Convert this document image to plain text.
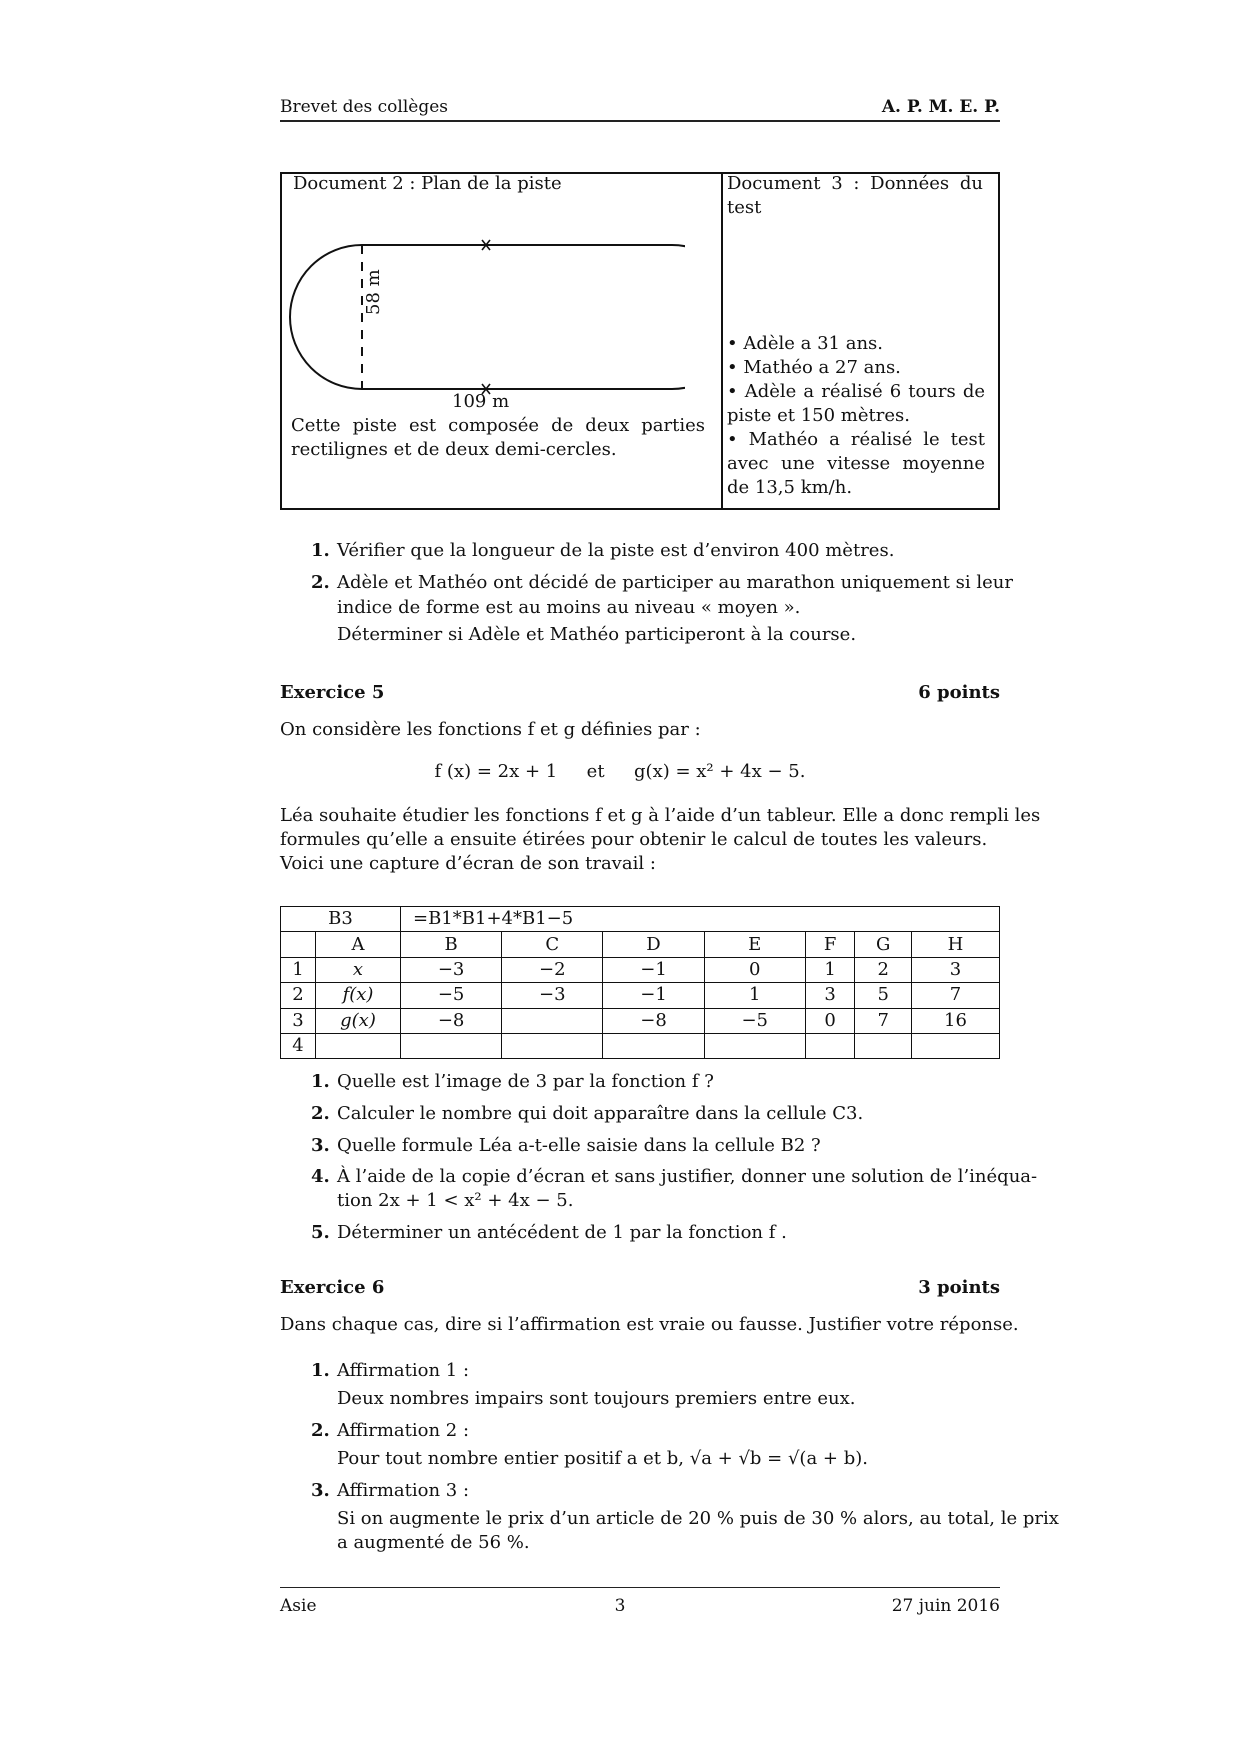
Brevet des collèges	A. P. M. E. P.
Document 2 : Plan de la piste
58 m
109 m
Cette piste est composée de deux parties rectilignes et de deux demi-cercles.
Document 3 : Données du test
• Adèle a 31 ans.
• Mathéo a 27 ans.
• Adèle a réalisé 6 tours de piste et 150 mètres.
• Mathéo a réalisé le test avec une vitesse moyenne de 13,5 km/h.
1. Vérifier que la longueur de la piste est d’environ 400 mètres.
2. Adèle et Mathéo ont décidé de participer au marathon uniquement si leur
indice de forme est au moins au niveau « moyen ».
Déterminer si Adèle et Mathéo participeront à la course.
Exercice 5	6 points
On considère les fonctions f et g définies par :
f (x) = 2x + 1 et g(x) = x² + 4x − 5.
Léa souhaite étudier les fonctions f et g à l’aide d’un tableur. Elle a donc rempli les
formules qu’elle a ensuite étirées pour obtenir le calcul de toutes les valeurs.
Voici une capture d’écran de son travail :
B3		=B1*B1+4*B1−5						
	A	B	C	D	E	F	G	H
1	x	−3	−2	−1	0	1	2	3
2	f(x)	−5	−3	−1	1	3	5	7
3	g(x)	−8		−8	−5	0	7	16
4								
1. Quelle est l’image de 3 par la fonction f ?
2. Calculer le nombre qui doit apparaître dans la cellule C3.
3. Quelle formule Léa a-t-elle saisie dans la cellule B2 ?
4. À l’aide de la copie d’écran et sans justifier, donner une solution de l’inéqua-
tion 2x + 1 < x² + 4x − 5.
5. Déterminer un antécédent de 1 par la fonction f .
Exercice 6	3 points
Dans chaque cas, dire si l’affirmation est vraie ou fausse. Justifier votre réponse.
1. Affirmation 1 :
Deux nombres impairs sont toujours premiers entre eux.
2. Affirmation 2 :
Pour tout nombre entier positif a et b, √a + √b = √(a + b).
3. Affirmation 3 :
Si on augmente le prix d’un article de 20 % puis de 30 % alors, au total, le prix
a augmenté de 56 %.
Asie	3	27 juin 2016
